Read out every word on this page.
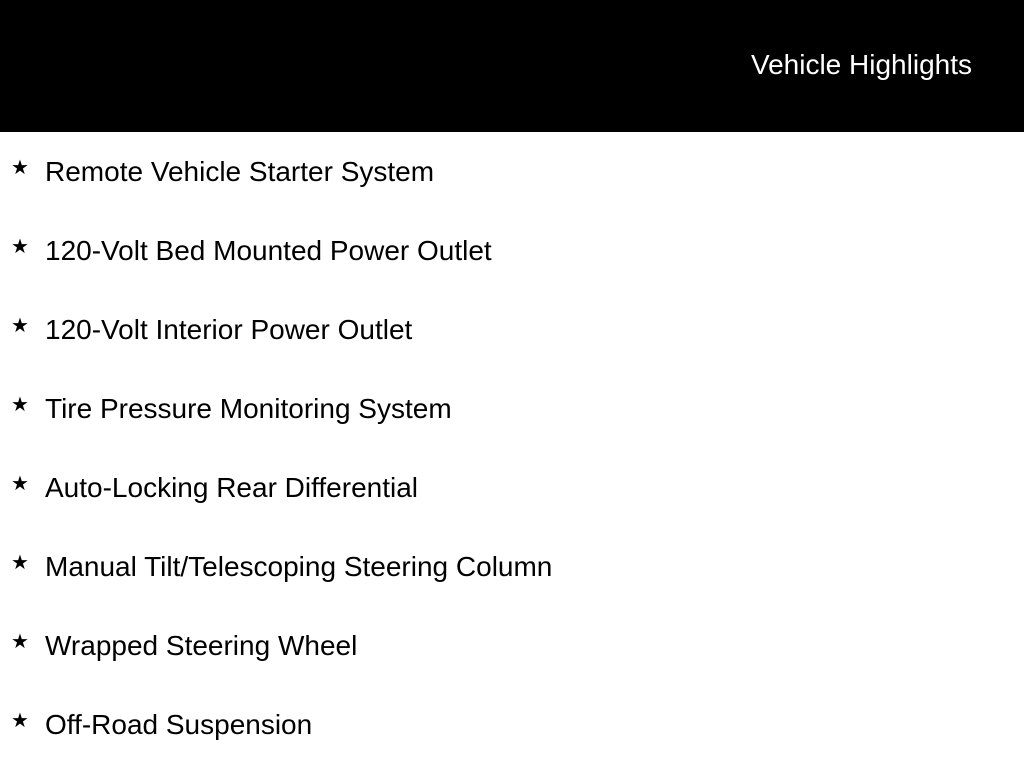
Vehicle Highlights
★ Remote Vehicle Starter System
★ 120-Volt Bed Mounted Power Outlet
★ 120-Volt Interior Power Outlet
★ Tire Pressure Monitoring System
★ Auto-Locking Rear Differential
★ Manual Tilt/Telescoping Steering Column
★ Wrapped Steering Wheel
★ Off-Road Suspension
